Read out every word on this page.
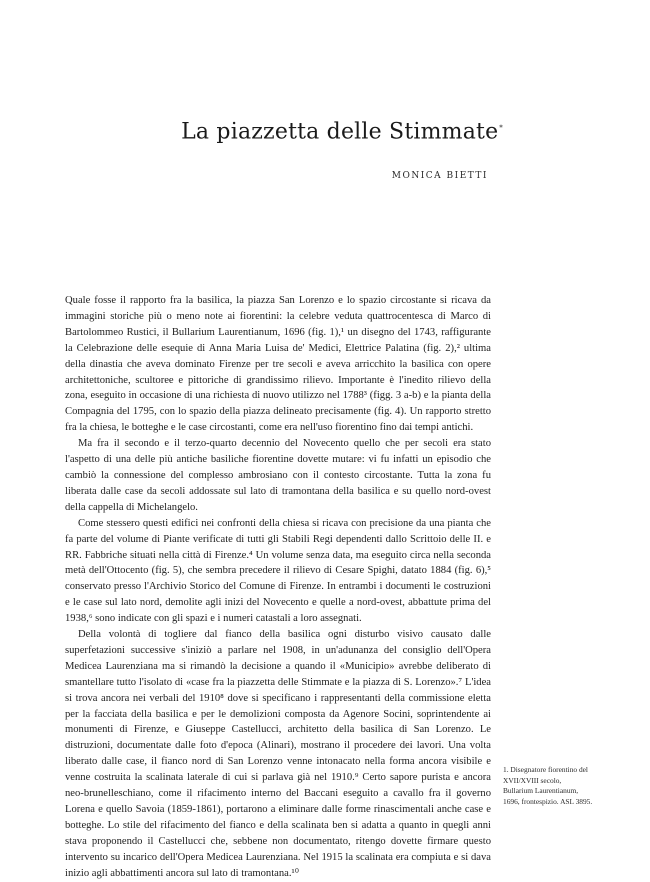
La piazzetta delle Stimmate*
MONICA BIETTI

Quale fosse il rapporto fra la basilica, la piazza San Lorenzo e lo spazio circostante si ricava da immagini storiche più o meno note ai fiorentini: la celebre veduta quattrocentesca di Marco di Bartolommeo Rustici, il Bullarium Laurentianum, 1696 (fig. 1),¹ un disegno del 1743, raffigurante la Celebrazione delle esequie di Anna Maria Luisa de' Medici, Elettrice Palatina (fig. 2),² ultima della dinastia che aveva dominato Firenze per tre secoli e aveva arricchito la basilica con opere architettoniche, scultoree e pittoriche di grandissimo rilievo. Importante è l'inedito rilievo della zona, eseguito in occasione di una richiesta di nuovo utilizzo nel 1788³ (figg. 3 a-b) e la pianta della Compagnia del 1795, con lo spazio della piazza delineato precisamente (fig. 4). Un rapporto stretto fra la chiesa, le botteghe e le case circostanti, come era nell'uso fiorentino fino dai tempi antichi.

Ma fra il secondo e il terzo-quarto decennio del Novecento quello che per secoli era stato l'aspetto di una delle più antiche basiliche fiorentine dovette mutare: vi fu infatti un episodio che cambiò la connessione del complesso ambrosiano con il contesto circostante. Tutta la zona fu liberata dalle case da secoli addossate sul lato di tramontana della basilica e su quello nord-ovest della cappella di Michelangelo.

Come stessero questi edifici nei confronti della chiesa si ricava con precisione da una pianta che fa parte del volume di Piante verificate di tutti gli Stabili Regi dependenti dallo Scrittoio delle II. e RR. Fabbriche situati nella città di Firenze.⁴ Un volume senza data, ma eseguito circa nella seconda metà dell'Ottocento (fig. 5), che sembra precedere il rilievo di Cesare Spighi, datato 1884 (fig. 6),⁵ conservato presso l'Archivio Storico del Comune di Firenze. In entrambi i documenti le costruzioni e le case sul lato nord, demolite agli inizi del Novecento e quelle a nord-ovest, abbattute prima del 1938,⁶ sono indicate con gli spazi e i numeri catastali a loro assegnati.

Della volontà di togliere dal fianco della basilica ogni disturbo visivo causato dalle superfetazioni successive s'iniziò a parlare nel 1908, in un'adunanza del consiglio dell'Opera Medicea Laurenziana ma si rimandò la decisione a quando il «Municipio» avrebbe deliberato di smantellare tutto l'isolato di «case fra la piazzetta delle Stimmate e la piazza di S. Lorenzo».⁷ L'idea si trova ancora nei verbali del 1910⁸ dove si specificano i rappresentanti della commissione eletta per la facciata della basilica e per le demolizioni composta da Agenore Socini, soprintendente ai monumenti di Firenze, e Giuseppe Castellucci, architetto della basilica di San Lorenzo. Le distruzioni, documentate dalle foto d'epoca (Alinari), mostrano il procedere dei lavori. Una volta liberato dalle case, il fianco nord di San Lorenzo venne intonacato nella forma ancora visibile e venne costruita la scalinata laterale di cui si parlava già nel 1910.⁹ Certo sapore purista e ancora neo-brunelleschiano, come il rifacimento interno del Baccani eseguito a cavallo fra il governo Lorena e quello Savoia (1859-1861), portarono a eliminare dalle forme rinascimentali anche case e botteghe. Lo stile del rifacimento del fianco e della scalinata ben si adatta a quanto in quegli anni stava proponendo il Castellucci che, sebbene non documentato, ritengo dovette firmare questo intervento su incarico dell'Opera Medicea Laurenziana. Nel 1915 la scalinata era compiuta e si dava inizio agli abbattimenti ancora sul lato di tramontana.¹⁰

1. Disegnatore fiorentino del XVII/XVIII secolo, Bullarium Laurentianum, 1696, frontespizio. ASL 3895.
